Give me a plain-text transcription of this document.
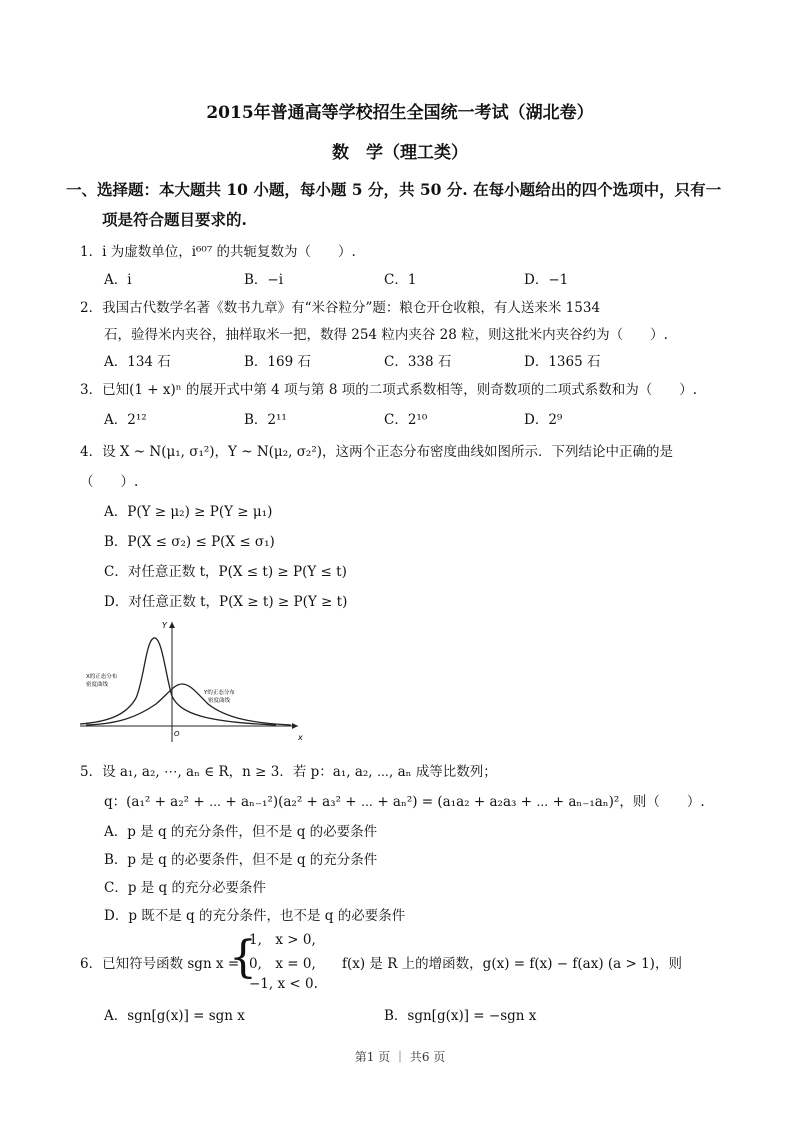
2015年普通高等学校招生全国统一考试（湖北卷）
数　学（理工类）
一、选择题：本大题共 10 小题，每小题 5 分，共 50 分. 在每小题给出的四个选项中，只有一
项是符合题目要求的.
1．i 为虚数单位，i⁶⁰⁷ 的共轭复数为（　　）.
A．i	B．−i	C．1	D．−1
2．我国古代数学名著《数书九章》有“米谷粒分”题：粮仓开仓收粮，有人送来米 1534
石，验得米内夹谷，抽样取米一把，数得 254 粒内夹谷 28 粒，则这批米内夹谷约为（　　）.
A．134 石	B．169 石	C．338 石	D．1365 石
3．已知(1 + x)ⁿ 的展开式中第 4 项与第 8 项的二项式系数相等，则奇数项的二项式系数和为（　　）.
A．2¹²	B．2¹¹	C．2¹⁰	D．2⁹
4．设 X ~ N(μ₁, σ₁²)，Y ~ N(μ₂, σ₂²)，这两个正态分布密度曲线如图所示．下列结论中正确的是
（　　）.
A．P(Y ≥ μ₂) ≥ P(Y ≥ μ₁)
B．P(X ≤ σ₂) ≤ P(X ≤ σ₁)
C．对任意正数 t，P(X ≤ t) ≥ P(Y ≤ t)
D．对任意正数 t，P(X ≥ t) ≥ P(Y ≥ t)
Y
x
O
X的正态分布
密度曲线
Y的正态分布
密度曲线
5．设 a₁, a₂, ⋯, aₙ ∈ R，n ≥ 3．若 p：a₁, a₂, ⋯, aₙ 成等比数列；
q：(a₁² + a₂² + ⋯ + aₙ₋₁²)(a₂² + a₃² + ⋯ + aₙ²) = (a₁a₂ + a₂a₃ + ⋯ + aₙ₋₁aₙ)²，则（　　）.
A．p 是 q 的充分条件，但不是 q 的必要条件
B．p 是 q 的必要条件，但不是 q 的充分条件
C．p 是 q 的充分必要条件
D．p 既不是 q 的充分条件，也不是 q 的必要条件
6．已知符号函数 sgn x =
{
1,　x > 0,
0,　x = 0,
−1, x < 0.
f(x) 是 R 上的增函数，g(x) = f(x) − f(ax) (a > 1)，则
A．sgn[g(x)] = sgn x	B．sgn[g(x)] = −sgn x
第1 页 ｜ 共6 页
